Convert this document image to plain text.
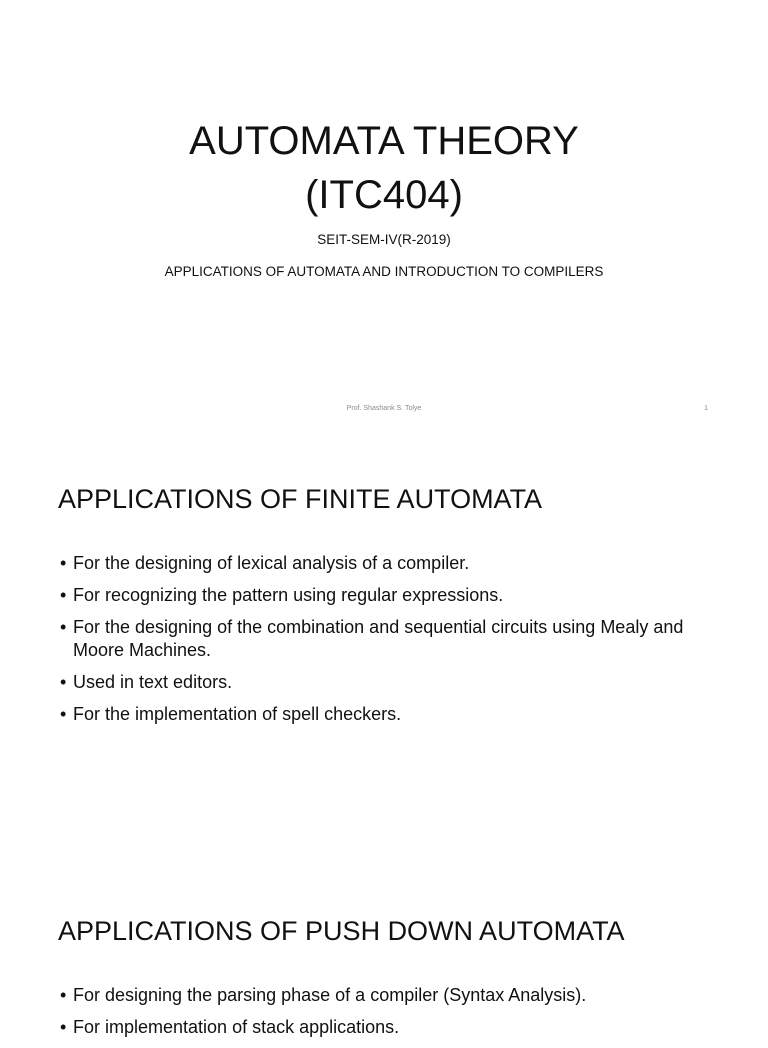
AUTOMATA THEORY
(ITC404)
SEIT-SEM-IV(R-2019)
APPLICATIONS OF AUTOMATA AND INTRODUCTION TO COMPILERS
Prof. Shashank S. Tolye	1
APPLICATIONS OF FINITE AUTOMATA
• For the designing of lexical analysis of a compiler.
• For recognizing the pattern using regular expressions.
• For the designing of the combination and sequential circuits using Mealy and Moore Machines.
• Used in text editors.
• For the implementation of spell checkers.
APPLICATIONS OF PUSH DOWN AUTOMATA
• For designing the parsing phase of a compiler (Syntax Analysis).
• For implementation of stack applications.
